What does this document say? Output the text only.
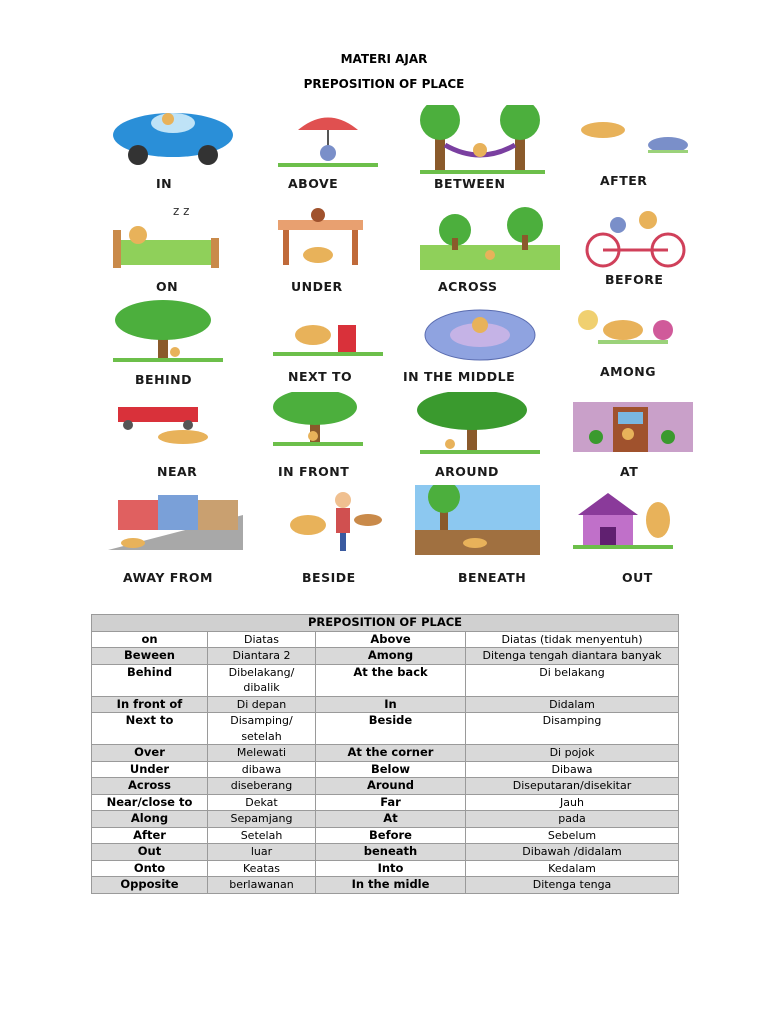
MATERI AJAR
PREPOSITION OF PLACE
IN	ABOVE	BETWEEN	AFTER
z z
ON	UNDER	ACROSS	BEFORE
BEHIND	NEXT TO	IN THE MIDDLE	AMONG
NEAR	IN FRONT	AROUND	AT
AWAY FROM	BESIDE	BENEATH	OUT
PREPOSITION OF PLACE			
on	Diatas	Above	Diatas (tidak menyentuh)
Beween	Diantara 2	Among	Ditenga tengah diantara banyak
Behind	Dibelakang/ dibalik	At the back	Di belakang
In front of	Di depan	In	Didalam
Next to	Disamping/ setelah	Beside	Disamping
Over	Melewati	At the corner	Di pojok
Under	dibawa	Below	Dibawa
Across	diseberang	Around	Diseputaran/disekitar
Near/close to	Dekat	Far	Jauh
Along	Sepamjang	At	pada
After	Setelah	Before	Sebelum
Out	luar	beneath	Dibawah /didalam
Onto	Keatas	Into	Kedalam
Opposite	berlawanan	In the midle	Ditenga tenga
